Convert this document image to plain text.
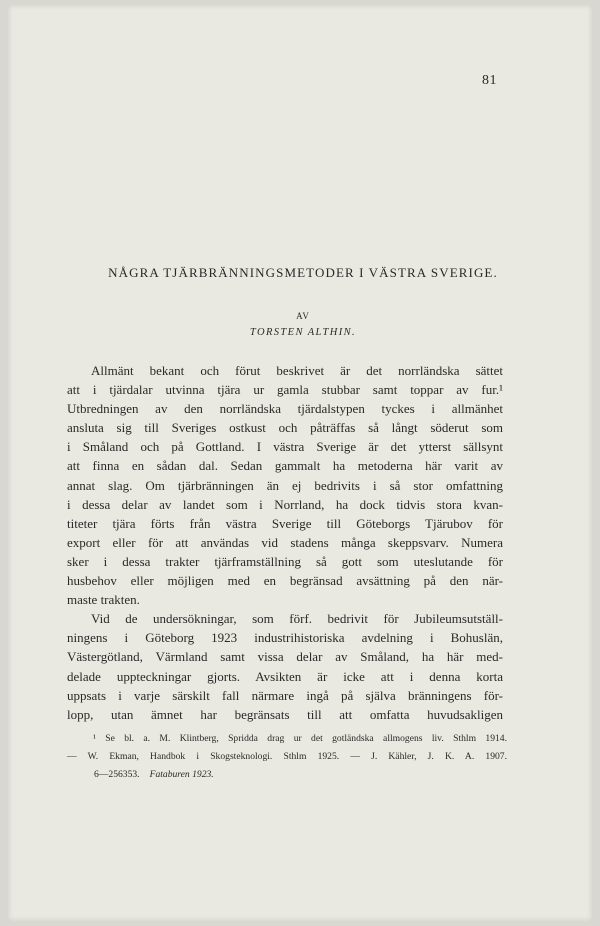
81
NÅGRA TJÄRBRÄNNINGSMETODER I VÄSTRA SVERIGE.
AV
TORSTEN ALTHIN.
Allmänt bekant och förut beskrivet är det norrländska sättet
att i tjärdalar utvinna tjära ur gamla stubbar samt toppar av fur.¹
Utbredningen av den norrländska tjärdalstypen tyckes i allmänhet
ansluta sig till Sveriges ostkust och påträffas så långt söderut som
i Småland och på Gottland. I västra Sverige är det ytterst sällsynt
att finna en sådan dal. Sedan gammalt ha metoderna här varit av
annat slag. Om tjärbränningen än ej bedrivits i så stor omfattning
i dessa delar av landet som i Norrland, ha dock tidvis stora kvan-
titeter tjära förts från västra Sverige till Göteborgs Tjärubov för
export eller för att användas vid stadens många skeppsvarv. Numera
sker i dessa trakter tjärframställning så gott som uteslutande för
husbehov eller möjligen med en begränsad avsättning på den när-
maste trakten.
Vid de undersökningar, som förf. bedrivit för Jubileumsutställ-
ningens i Göteborg 1923 industrihistoriska avdelning i Bohuslän,
Västergötland, Värmland samt vissa delar av Småland, ha här med-
delade uppteckningar gjorts. Avsikten är icke att i denna korta
uppsats i varje särskilt fall närmare ingå på själva bränningens för-
lopp, utan ämnet har begränsats till att omfatta huvudsakligen
¹ Se bl. a. M. Klintberg, Spridda drag ur det gotländska allmogens liv. Sthlm 1914.
— W. Ekman, Handbok i Skogsteknologi. Sthlm 1925. — J. Kähler, J. K. A. 1907.
6—256353. Fataburen 1923.
